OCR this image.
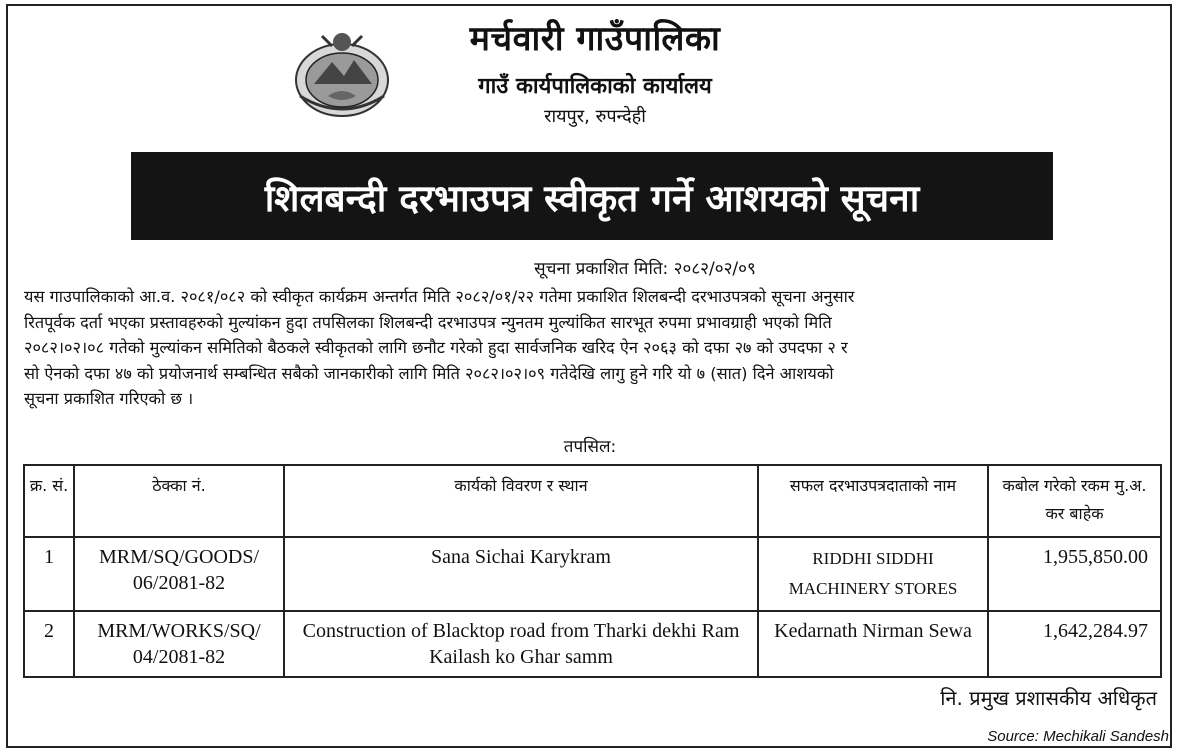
मर्चवारी गाउँपालिका
गाउँ कार्यपालिकाको कार्यालय
रायपुर, रुपन्देही
शिलबन्दी दरभाउपत्र स्वीकृत गर्ने आशयको सूचना
सूचना प्रकाशित मिति: २०८२/०२/०९
यस गाउपालिकाको आ.व. २०८१/०८२ को स्वीकृत कार्यक्रम अन्तर्गत मिति २०८२/०१/२२ गतेमा प्रकाशित शिलबन्दी दरभाउपत्रको सूचना अनुसार
रितपूर्वक दर्ता भएका प्रस्तावहरुको मुल्यांकन हुदा तपसिलका शिलबन्दी दरभाउपत्र न्युनतम मुल्यांकित सारभूत रुपमा प्रभावग्राही भएको मिति
२०८२।०२।०८ गतेको मुल्यांकन समितिको बैठकले स्वीकृतको लागि छनौट गरेको हुदा सार्वजनिक खरिद ऐन २०६३ को दफा २७ को उपदफा २ र
सो ऐनको दफा ४७ को प्रयोजनार्थ सम्बन्धित सबैको जानकारीको लागि मिति २०८२।०२।०९ गतेदेखि लागु हुने गरि यो ७ (सात) दिने आशयको
सूचना प्रकाशित गरिएको छ ।
तपसिल:
क्र. सं.	ठेक्का नं.	कार्यको विवरण र स्थान	सफल दरभाउपत्रदाताको नाम	कबोल गरेको रकम मु.अ. कर बाहेक
1	MRM/SQ/GOODS/ 06/2081-82	Sana Sichai Karykram	RIDDHI SIDDHI MACHINERY STORES	1,955,850.00
2	MRM/WORKS/SQ/ 04/2081-82	Construction of Blacktop road from Tharki dekhi Ram Kailash ko Ghar samm	Kedarnath Nirman Sewa	1,642,284.97
नि. प्रमुख प्रशासकीय अधिकृत
Source: Mechikali Sandesh
